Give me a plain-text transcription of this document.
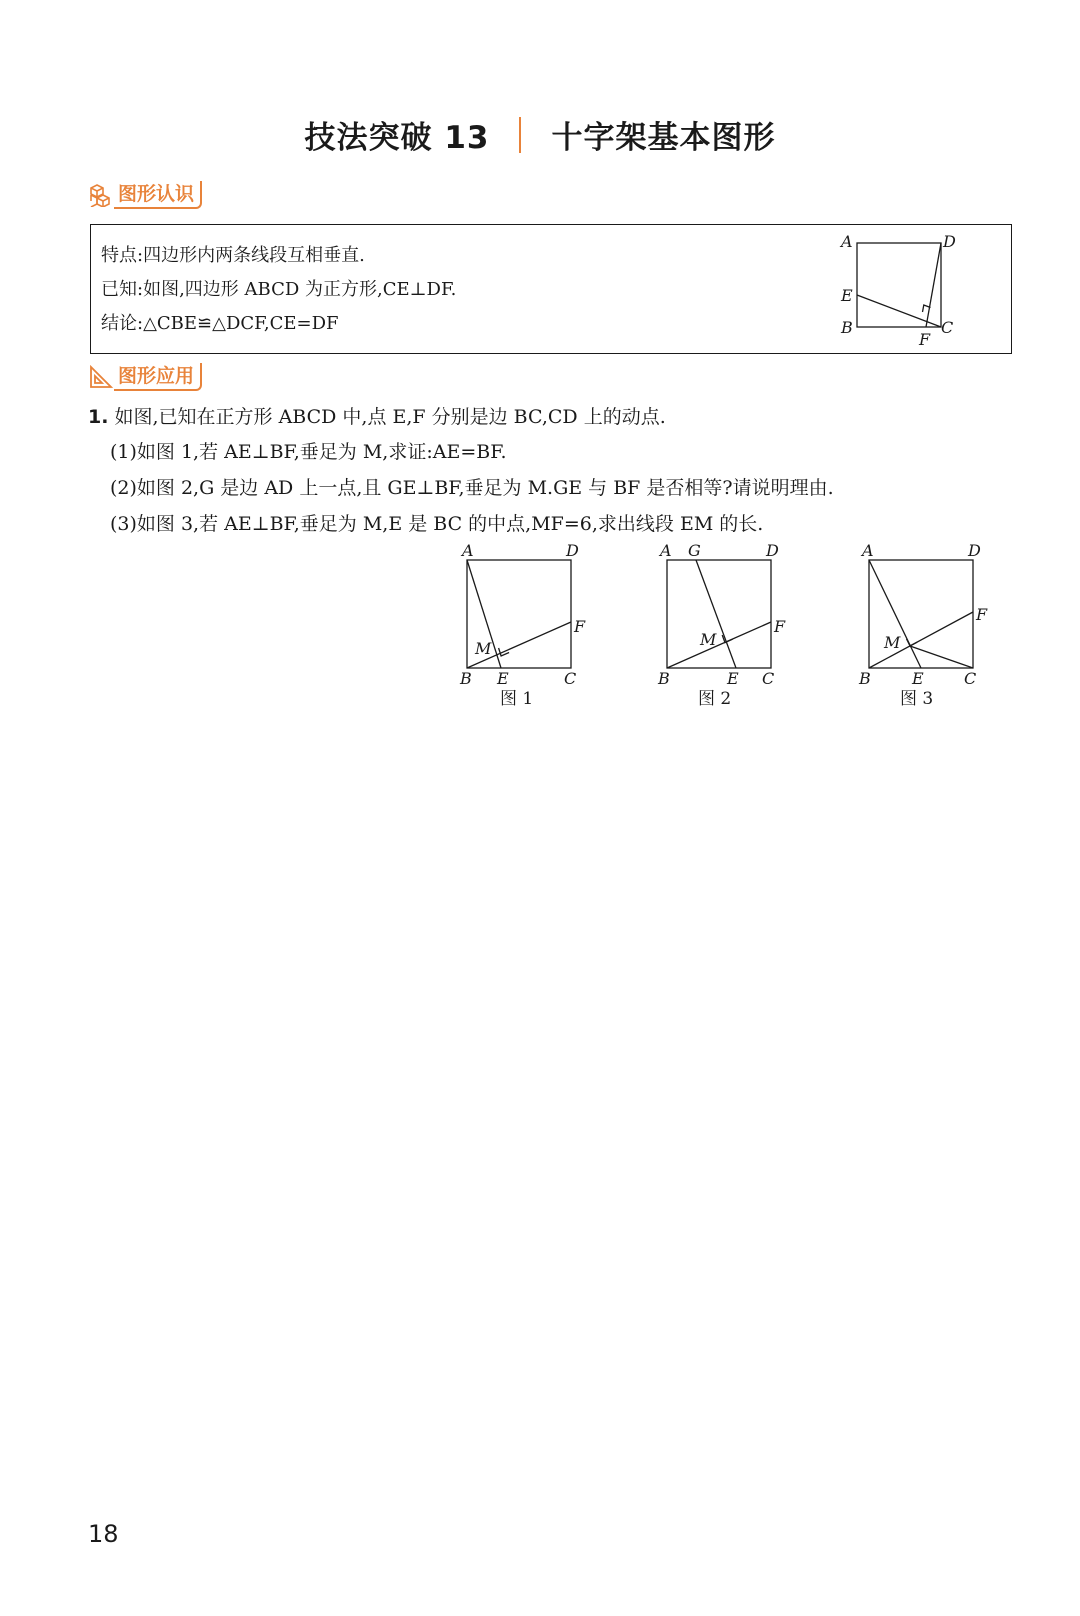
技法突破 13 十字架基本图形
图形认识
特点:四边形内两条线段互相垂直.
已知:如图,四边形 ABCD 为正方形,CE⊥DF.
结论:△CBE≌△DCF,CE=DF
A	D
E
B	C
F
图形应用
1. 如图,已知在正方形 ABCD 中,点 E,F 分别是边 BC,CD 上的动点.
(1)如图 1,若 AE⊥BF,垂足为 M,求证:AE=BF.
(2)如图 2,G 是边 AD 上一点,且 GE⊥BF,垂足为 M.GE 与 BF 是否相等?请说明理由.
(3)如图 3,若 AE⊥BF,垂足为 M,E 是 BC 的中点,MF=6,求出线段 EM 的长.
A	D
F
M
B E	C
图 1
A G	D
F
M
B	E C
图 2
A	D
F
M
B	E	C
图 3
18
